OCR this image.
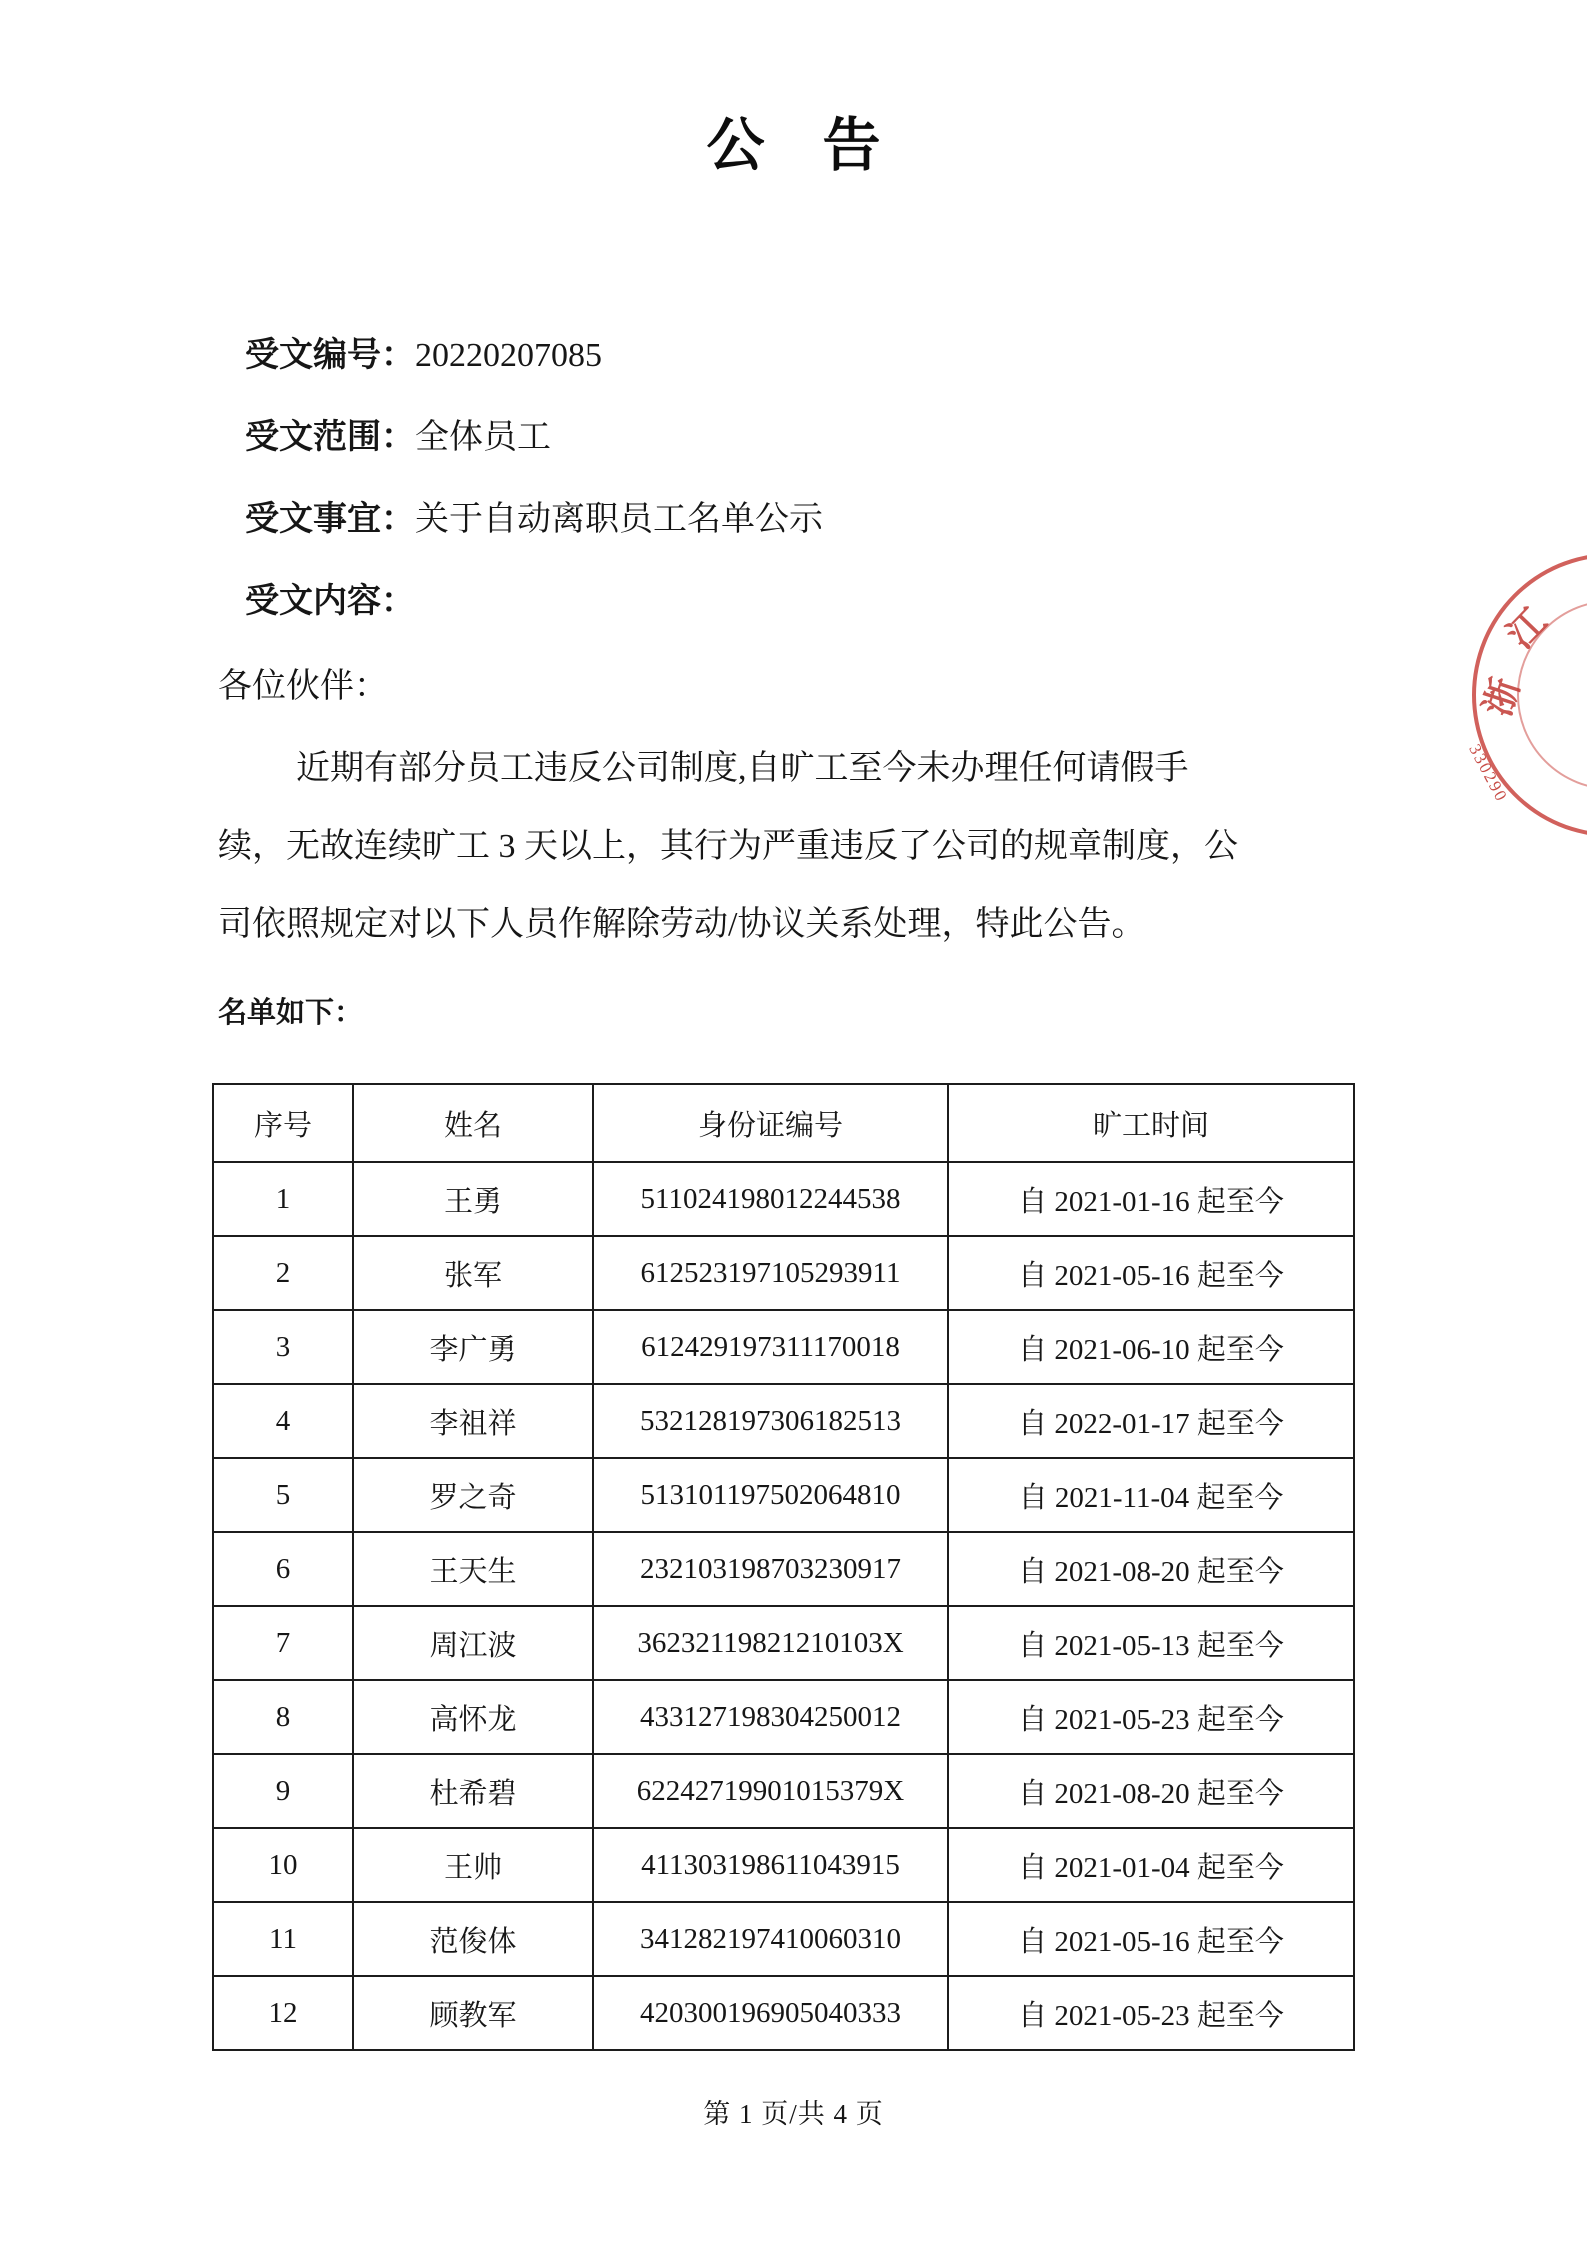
公　告
受文编号：20220207085
受文范围：全体员工
受文事宜：关于自动离职员工名单公示
受文内容：
各位伙伴：
近期有部分员工违反公司制度,自旷工至今未办理任何请假手
续，无故连续旷工 3 天以上，其行为严重违反了公司的规章制度，公
司依照规定对以下人员作解除劳动/协议关系处理，特此公告。
名单如下：
序号	姓名	身份证编号	旷工时间
1	王勇	511024198012244538	自 2021-01-16 起至今
2	张军	612523197105293911	自 2021-05-16 起至今
3	李广勇	612429197311170018	自 2021-06-10 起至今
4	李祖祥	532128197306182513	自 2022-01-17 起至今
5	罗之奇	513101197502064810	自 2021-11-04 起至今
6	王天生	232103198703230917	自 2021-08-20 起至今
7	周江波	36232119821210103X	自 2021-05-13 起至今
8	高怀龙	433127198304250012	自 2021-05-23 起至今
9	杜希碧	62242719901015379X	自 2021-08-20 起至今
10	王帅	411303198611043915	自 2021-01-04 起至今
11	范俊体	341282197410060310	自 2021-05-16 起至今
12	顾教军	420300196905040333	自 2021-05-23 起至今
第 1 页/共 4 页
江
浙
330290
